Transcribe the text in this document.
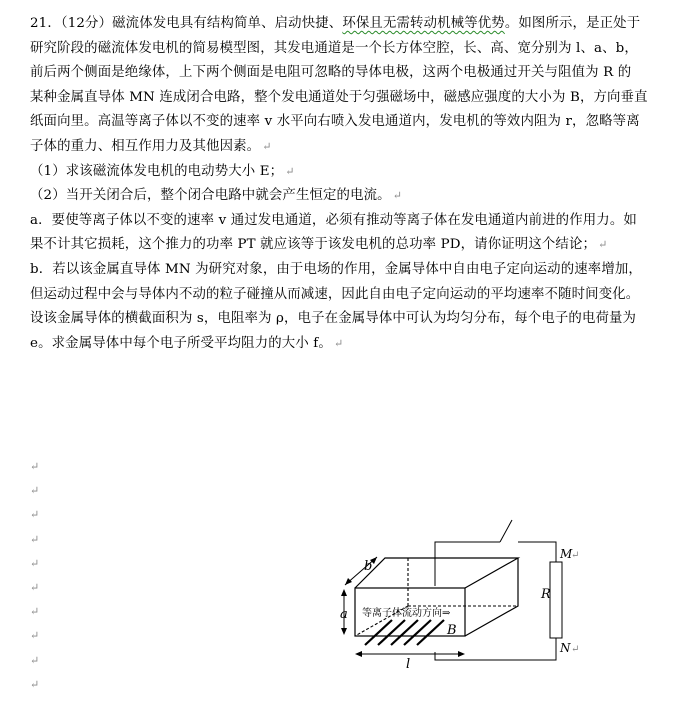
21．（12分）磁流体发电具有结构简单、启动快捷、环保且无需转动机械等优势。如图所示，是正处于
研究阶段的磁流体发电机的简易模型图，其发电通道是一个长方体空腔，长、高、宽分别为 l、a、b，
前后两个侧面是绝缘体，上下两个侧面是电阻可忽略的导体电极，这两个电极通过开关与阻值为 R 的
某种金属直导体 MN 连成闭合电路，整个发电通道处于匀强磁场中，磁感应强度的大小为 B，方向垂直
纸面向里。高温等离子体以不变的速率 v 水平向右喷入发电通道内，发电机的等效内阻为 r，忽略等离
子体的重力、相互作用力及其他因素。 ↵
（1）求该磁流体发电机的电动势大小 E； ↵
（2）当开关闭合后，整个闭合电路中就会产生恒定的电流。 ↵
a．要使等离子体以不变的速率 v 通过发电通道，必须有推动等离子体在发电通道内前进的作用力。如
果不计其它损耗，这个推力的功率 PT 就应该等于该发电机的总功率 PD，请你证明这个结论； ↵
b．若以该金属直导体 MN 为研究对象，由于电场的作用，金属导体中自由电子定向运动的速率增加，
但运动过程中会与导体内不动的粒子碰撞从而减速，因此自由电子定向运动的平均速率不随时间变化。
设该金属导体的横截面积为 s，电阻率为 ρ，电子在金属导体中可认为均匀分布，每个电子的电荷量为
e。求金属导体中每个电子所受平均阻力的大小 f。 ↵
↵
↵
↵
↵
↵
↵
↵
↵
↵
↵
R
M
↵
N ↵
b
a
l
等离子体流动方向⇒
B
